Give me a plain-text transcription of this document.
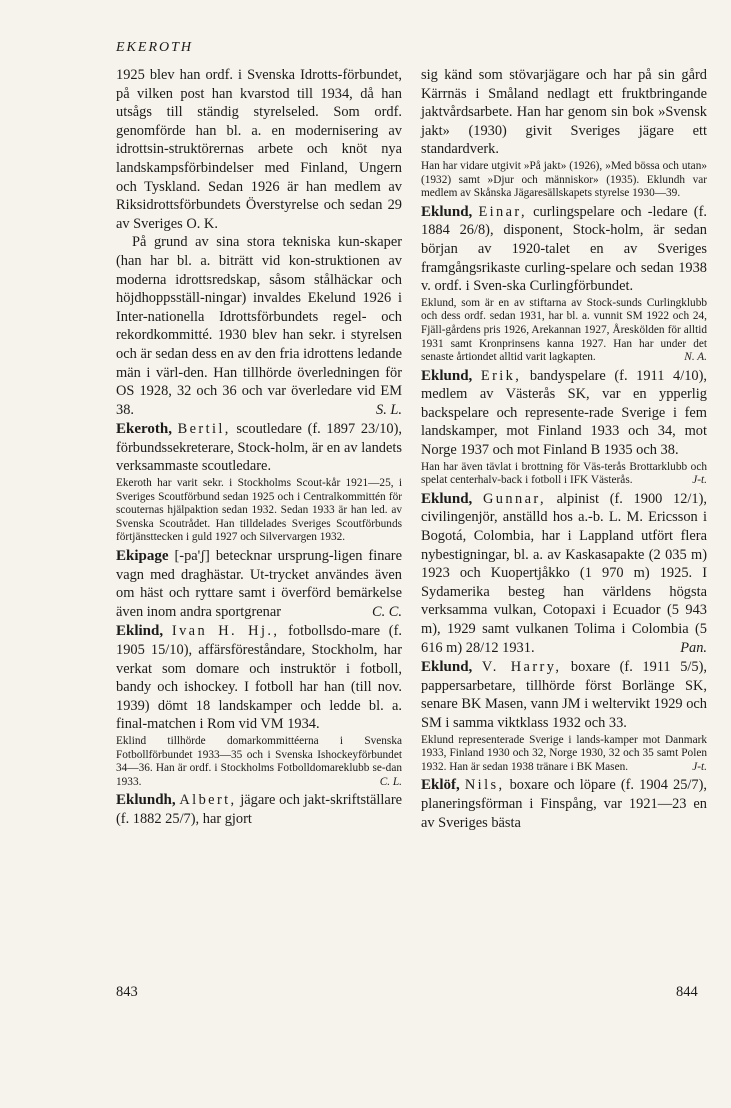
EKEROTH

1925 blev han ordf. i Svenska Idrotts-förbundet, på vilken post han kvarstod till 1934, då han utsågs till ständig styrelseled. Som ordf. genomförde han bl. a. en modernisering av idrottsin-struktörernas arbete och knöt nya landskampsförbindelser med Finland, Ungern och Tyskland. Sedan 1926 är han medlem av Riksidrottsförbundets Överstyrelse och sedan 29 av Sveriges O. K.

På grund av sina stora tekniska kun-skaper (han har bl. a. biträtt vid kon-struktionen av moderna idrottsredskap, såsom stålhäckar och höjdhoppsställ-ningar) invaldes Ekelund 1926 i Inter-nationella Idrottsförbundets regel- och rekordkommitté. 1930 blev han sekr. i styrelsen och är sedan dess en av den fria idrottens ledande män i värl-den. Han tillhörde överledningen för OS 1928, 32 och 36 och var överledare vid EM 38.	S. L.

Ekeroth, Bertil, scoutledare (f. 1897 23/10), förbundssekreterare, Stock-holm, är en av landets verksammaste scoutledare.

Ekeroth har varit sekr. i Stockholms Scout-kår 1921—25, i Sveriges Scoutförbund sedan 1925 och i Centralkommittén för scouternas hjälpaktion sedan 1932. Sedan 1933 är han led. av Svenska Scoutrådet. Han tilldelades Sveriges Scoutförbunds förtjänsttecken i guld 1927 och Silvervargen 1932.

Ekipage [-pa'ʃ] betecknar ursprung-ligen finare vagn med draghästar. Ut-trycket användes även om häst och ryttare samt i överförd bemärkelse även inom andra sportgrenar	C. C.

Eklind, Ivan H. Hj., fotbollsdo-mare (f. 1905 15/10), affärsföreståndare, Stockholm, har verkat som domare och instruktör i fotboll, bandy och ishockey. I fotboll har han (till nov. 1939) dömt 18 landskamper och ledde bl. a. final-matchen i Rom vid VM 1934.

Eklind tillhörde domarkommittéerna i Svenska Fotbollförbundet 1933—35 och i Svenska Ishockeyförbundet 34—36. Han är ordf. i Stockholms Fotbolldomareklubb se-dan 1933.	C. L.

Eklundh, Albert, jägare och jakt-skriftställare (f. 1882 25/7), har gjort

sig känd som stövarjägare och har på sin gård Kärrnäs i Småland nedlagt ett fruktbringande jaktvårdsarbete. Han har genom sin bok »Svensk jakt» (1930) givit Sveriges jägare ett standardverk.

Han har vidare utgivit »På jakt» (1926), »Med bössa och utan» (1932) samt »Djur och människor» (1935). Eklundh var medlem av Skånska Jägaresällskapets styrelse 1930—39.

Eklund, Einar, curlingspelare och -ledare (f. 1884 26/8), disponent, Stock-holm, är sedan början av 1920-talet en av Sveriges framgångsrikaste curling-spelare och sedan 1938 v. ordf. i Sven-ska Curlingförbundet.

Eklund, som är en av stiftarna av Stock-sunds Curlingklubb och dess ordf. sedan 1931, har bl. a. vunnit SM 1922 och 24, Fjäll-gårdens pris 1926, Arekannan 1927, Åreskölden för alltid 1931 samt Kronprinsens kanna 1927. Han har under det senaste årtiondet alltid varit lagkapten.	N. A.

Eklund, Erik, bandyspelare (f. 1911 4/10), medlem av Västerås SK, var en ypperlig backspelare och represente-rade Sverige i fem landskamper, mot Finland 1933 och 34, mot Norge 1937 och mot Finland B 1935 och 38.

Han har även tävlat i brottning för Väs-terås Brottarklubb och spelat centerhalv-back i fotboll i IFK Västerås.	J-t.

Eklund, Gunnar, alpinist (f. 1900 12/1), civilingenjör, anställd hos a.-b. L. M. Ericsson i Bogotá, Colombia, har i Lappland utfört flera nybestigningar, bl. a. av Kaskasapakte (2 035 m) 1923 och Kuopertjåkko (1 970 m) 1925. I Sydamerika besteg han världens högsta verksamma vulkan, Cotopaxi i Ecuador (5 943 m), 1929 samt vulkanen Tolima i Colombia (5 616 m) 28/12 1931.	Pan.

Eklund, V. Harry, boxare (f. 1911 5/5), pappersarbetare, tillhörde först Borlänge SK, senare BK Masen, vann JM i weltervikt 1929 och SM i samma viktklass 1932 och 33.

Eklund representerade Sverige i lands-kamper mot Danmark 1933, Finland 1930 och 32, Norge 1930, 32 och 35 samt Polen 1932. Han är sedan 1938 tränare i BK Masen.	J-t.

Eklöf, Nils, boxare och löpare (f. 1904 25/7), planeringsförman i Finspång, var 1921—23 en av Sveriges bästa

843	844
